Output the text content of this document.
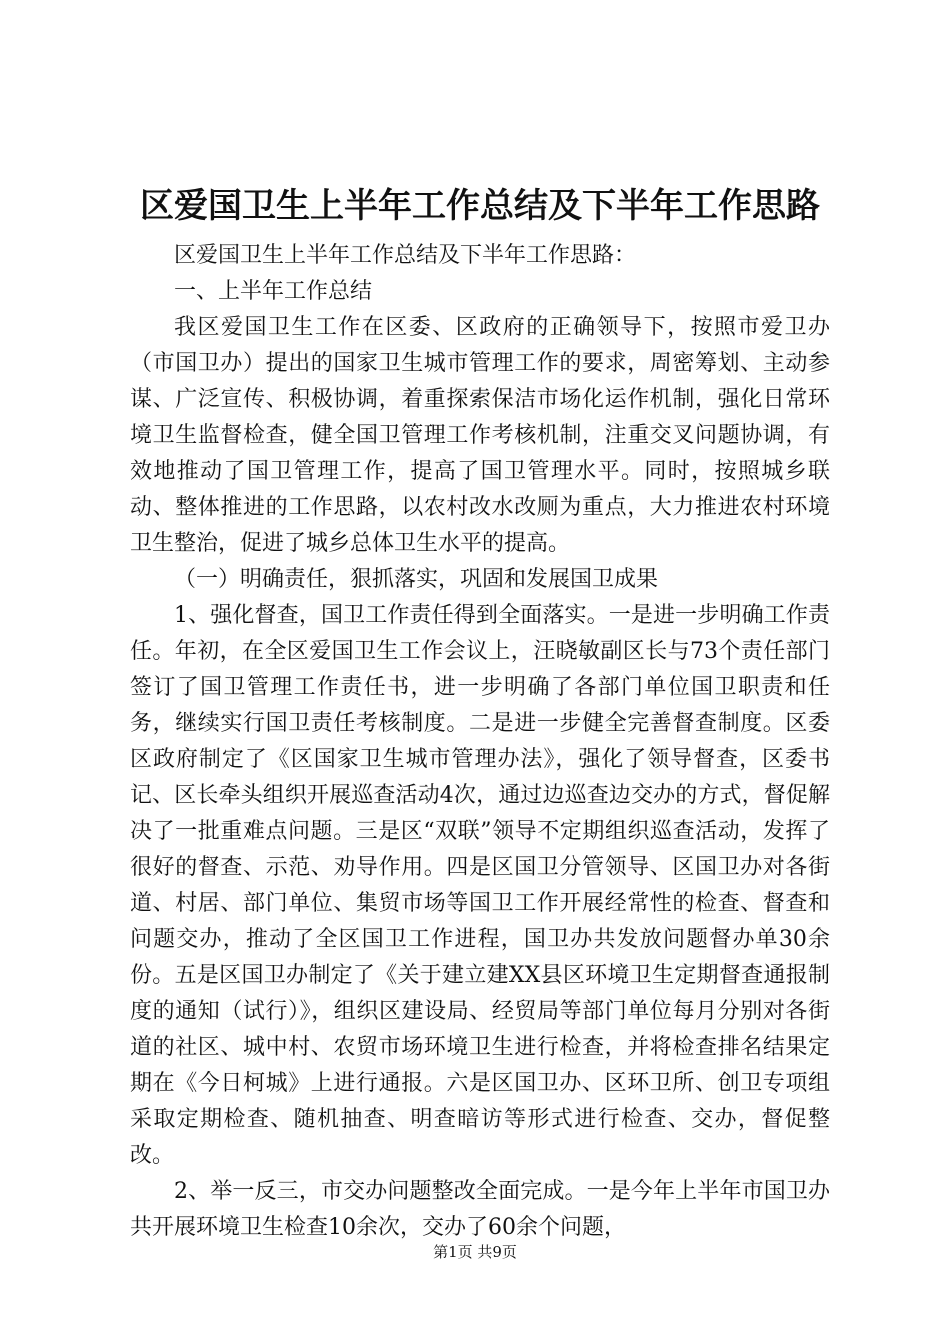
区爱国卫生上半年工作总结及下半年工作思路

区爱国卫生上半年工作总结及下半年工作思路：

一、上半年工作总结

我区爱国卫生工作在区委、区政府的正确领导下，按照市爱卫办（市国卫办）提出的国家卫生城市管理工作的要求，周密筹划、主动参谋、广泛宣传、积极协调，着重探索保洁市场化运作机制，强化日常环境卫生监督检查，健全国卫管理工作考核机制，注重交叉问题协调，有效地推动了国卫管理工作，提高了国卫管理水平。同时，按照城乡联动、整体推进的工作思路，以农村改水改厕为重点，大力推进农村环境卫生整治，促进了城乡总体卫生水平的提高。

（一）明确责任，狠抓落实，巩固和发展国卫成果

1、强化督查，国卫工作责任得到全面落实。一是进一步明确工作责任。年初，在全区爱国卫生工作会议上，汪晓敏副区长与73个责任部门签订了国卫管理工作责任书，进一步明确了各部门单位国卫职责和任务，继续实行国卫责任考核制度。二是进一步健全完善督查制度。区委区政府制定了《区国家卫生城市管理办法》，强化了领导督查，区委书记、区长牵头组织开展巡查活动4次，通过边巡查边交办的方式，督促解决了一批重难点问题。三是区“双联”领导不定期组织巡查活动，发挥了很好的督查、示范、劝导作用。四是区国卫分管领导、区国卫办对各街道、村居、部门单位、集贸市场等国卫工作开展经常性的检查、督查和问题交办，推动了全区国卫工作进程，国卫办共发放问题督办单30余份。五是区国卫办制定了《关于建立建XX县区环境卫生定期督查通报制度的通知（试行）》，组织区建设局、经贸局等部门单位每月分别对各街道的社区、城中村、农贸市场环境卫生进行检查，并将检查排名结果定期在《今日柯城》上进行通报。六是区国卫办、区环卫所、创卫专项组采取定期检查、随机抽查、明查暗访等形式进行检查、交办，督促整改。

2、举一反三，市交办问题整改全面完成。一是今年上半年市国卫办共开展环境卫生检查10余次，交办了60余个问题，

第1页 共9页
